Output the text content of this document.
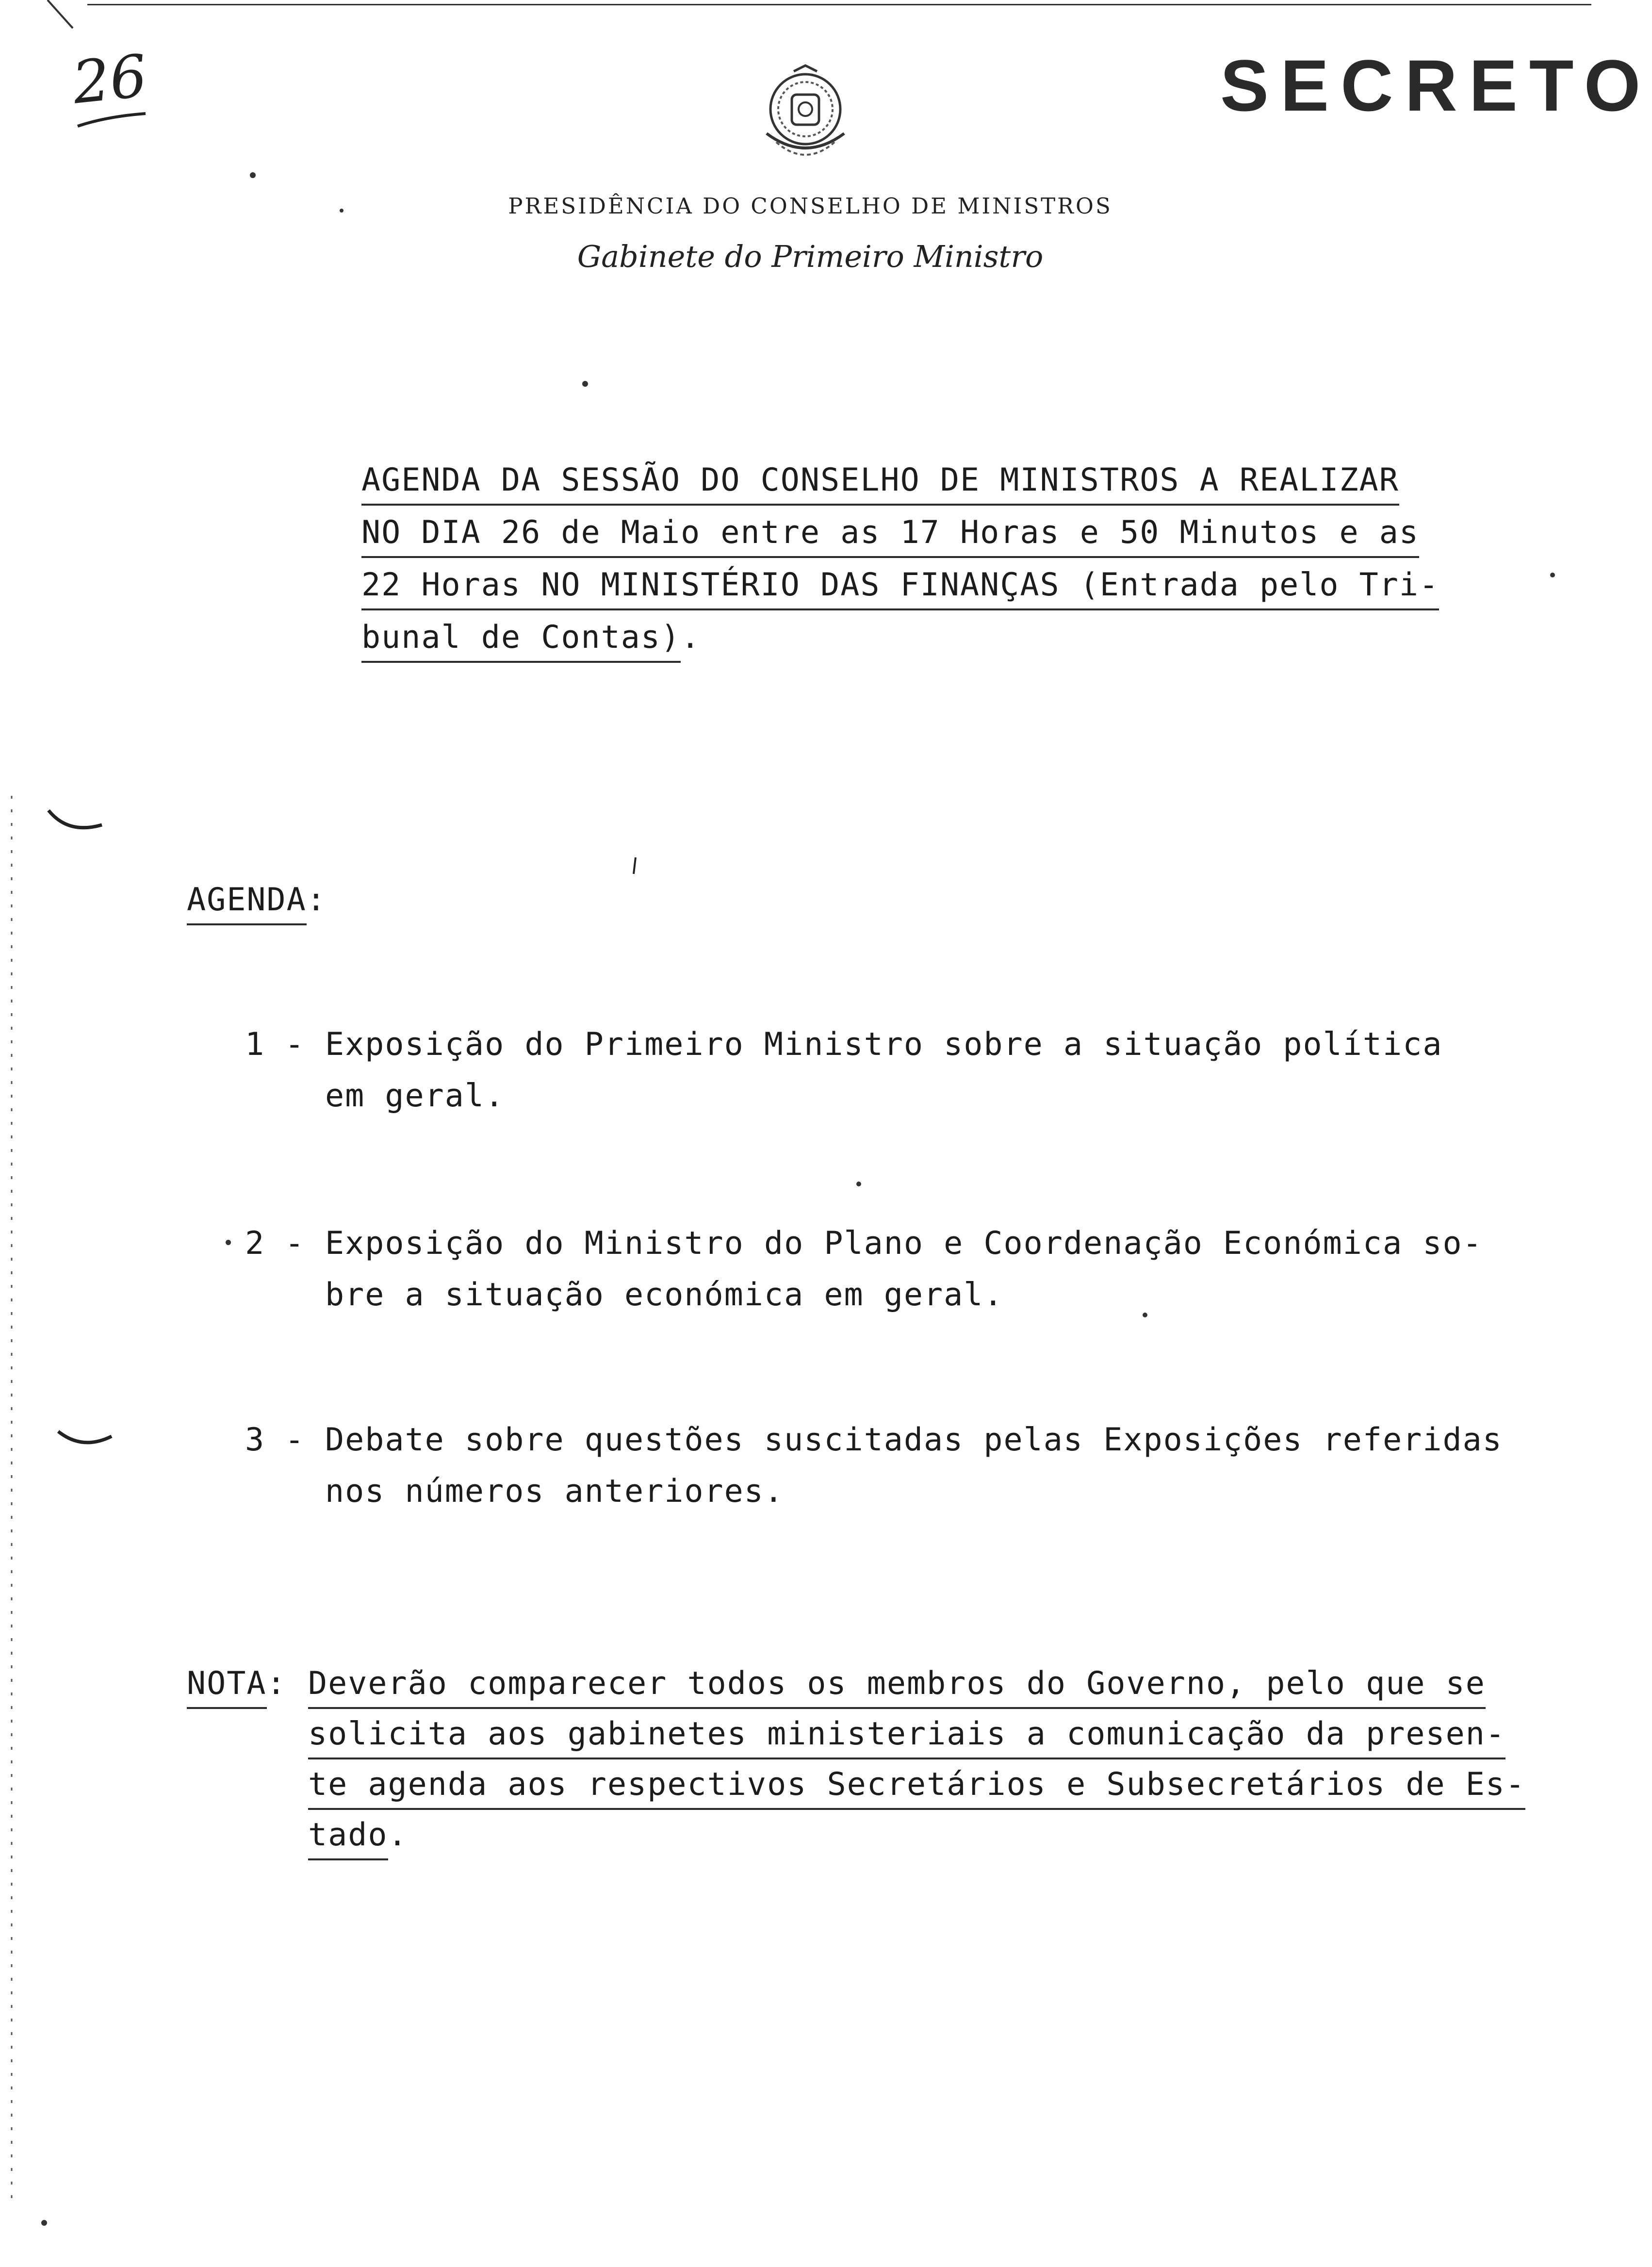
26	SECRETO
PRESIDÊNCIA DO CONSELHO DE MINISTROS
Gabinete do Primeiro Ministro
AGENDA DA SESSÃO DO CONSELHO DE MINISTROS A REALIZAR
NO DIA 26 de Maio entre as 17 Horas e 50 Minutos e as
22 Horas NO MINISTÉRIO DAS FINANÇAS (Entrada pelo Tri-
bunal de Contas).
AGENDA:
1 - Exposição do Primeiro Ministro sobre a situação política
em geral.
2 - Exposição do Ministro do Plano e Coordenação Económica so-
bre a situação económica em geral.
3 - Debate sobre questões suscitadas pelas Exposições referidas
nos números anteriores.
NOTA: Deverão comparecer todos os membros do Governo, pelo que se
solicita aos gabinetes ministeriais a comunicação da presen-
te agenda aos respectivos Secretários e Subsecretários de Es-
tado.
